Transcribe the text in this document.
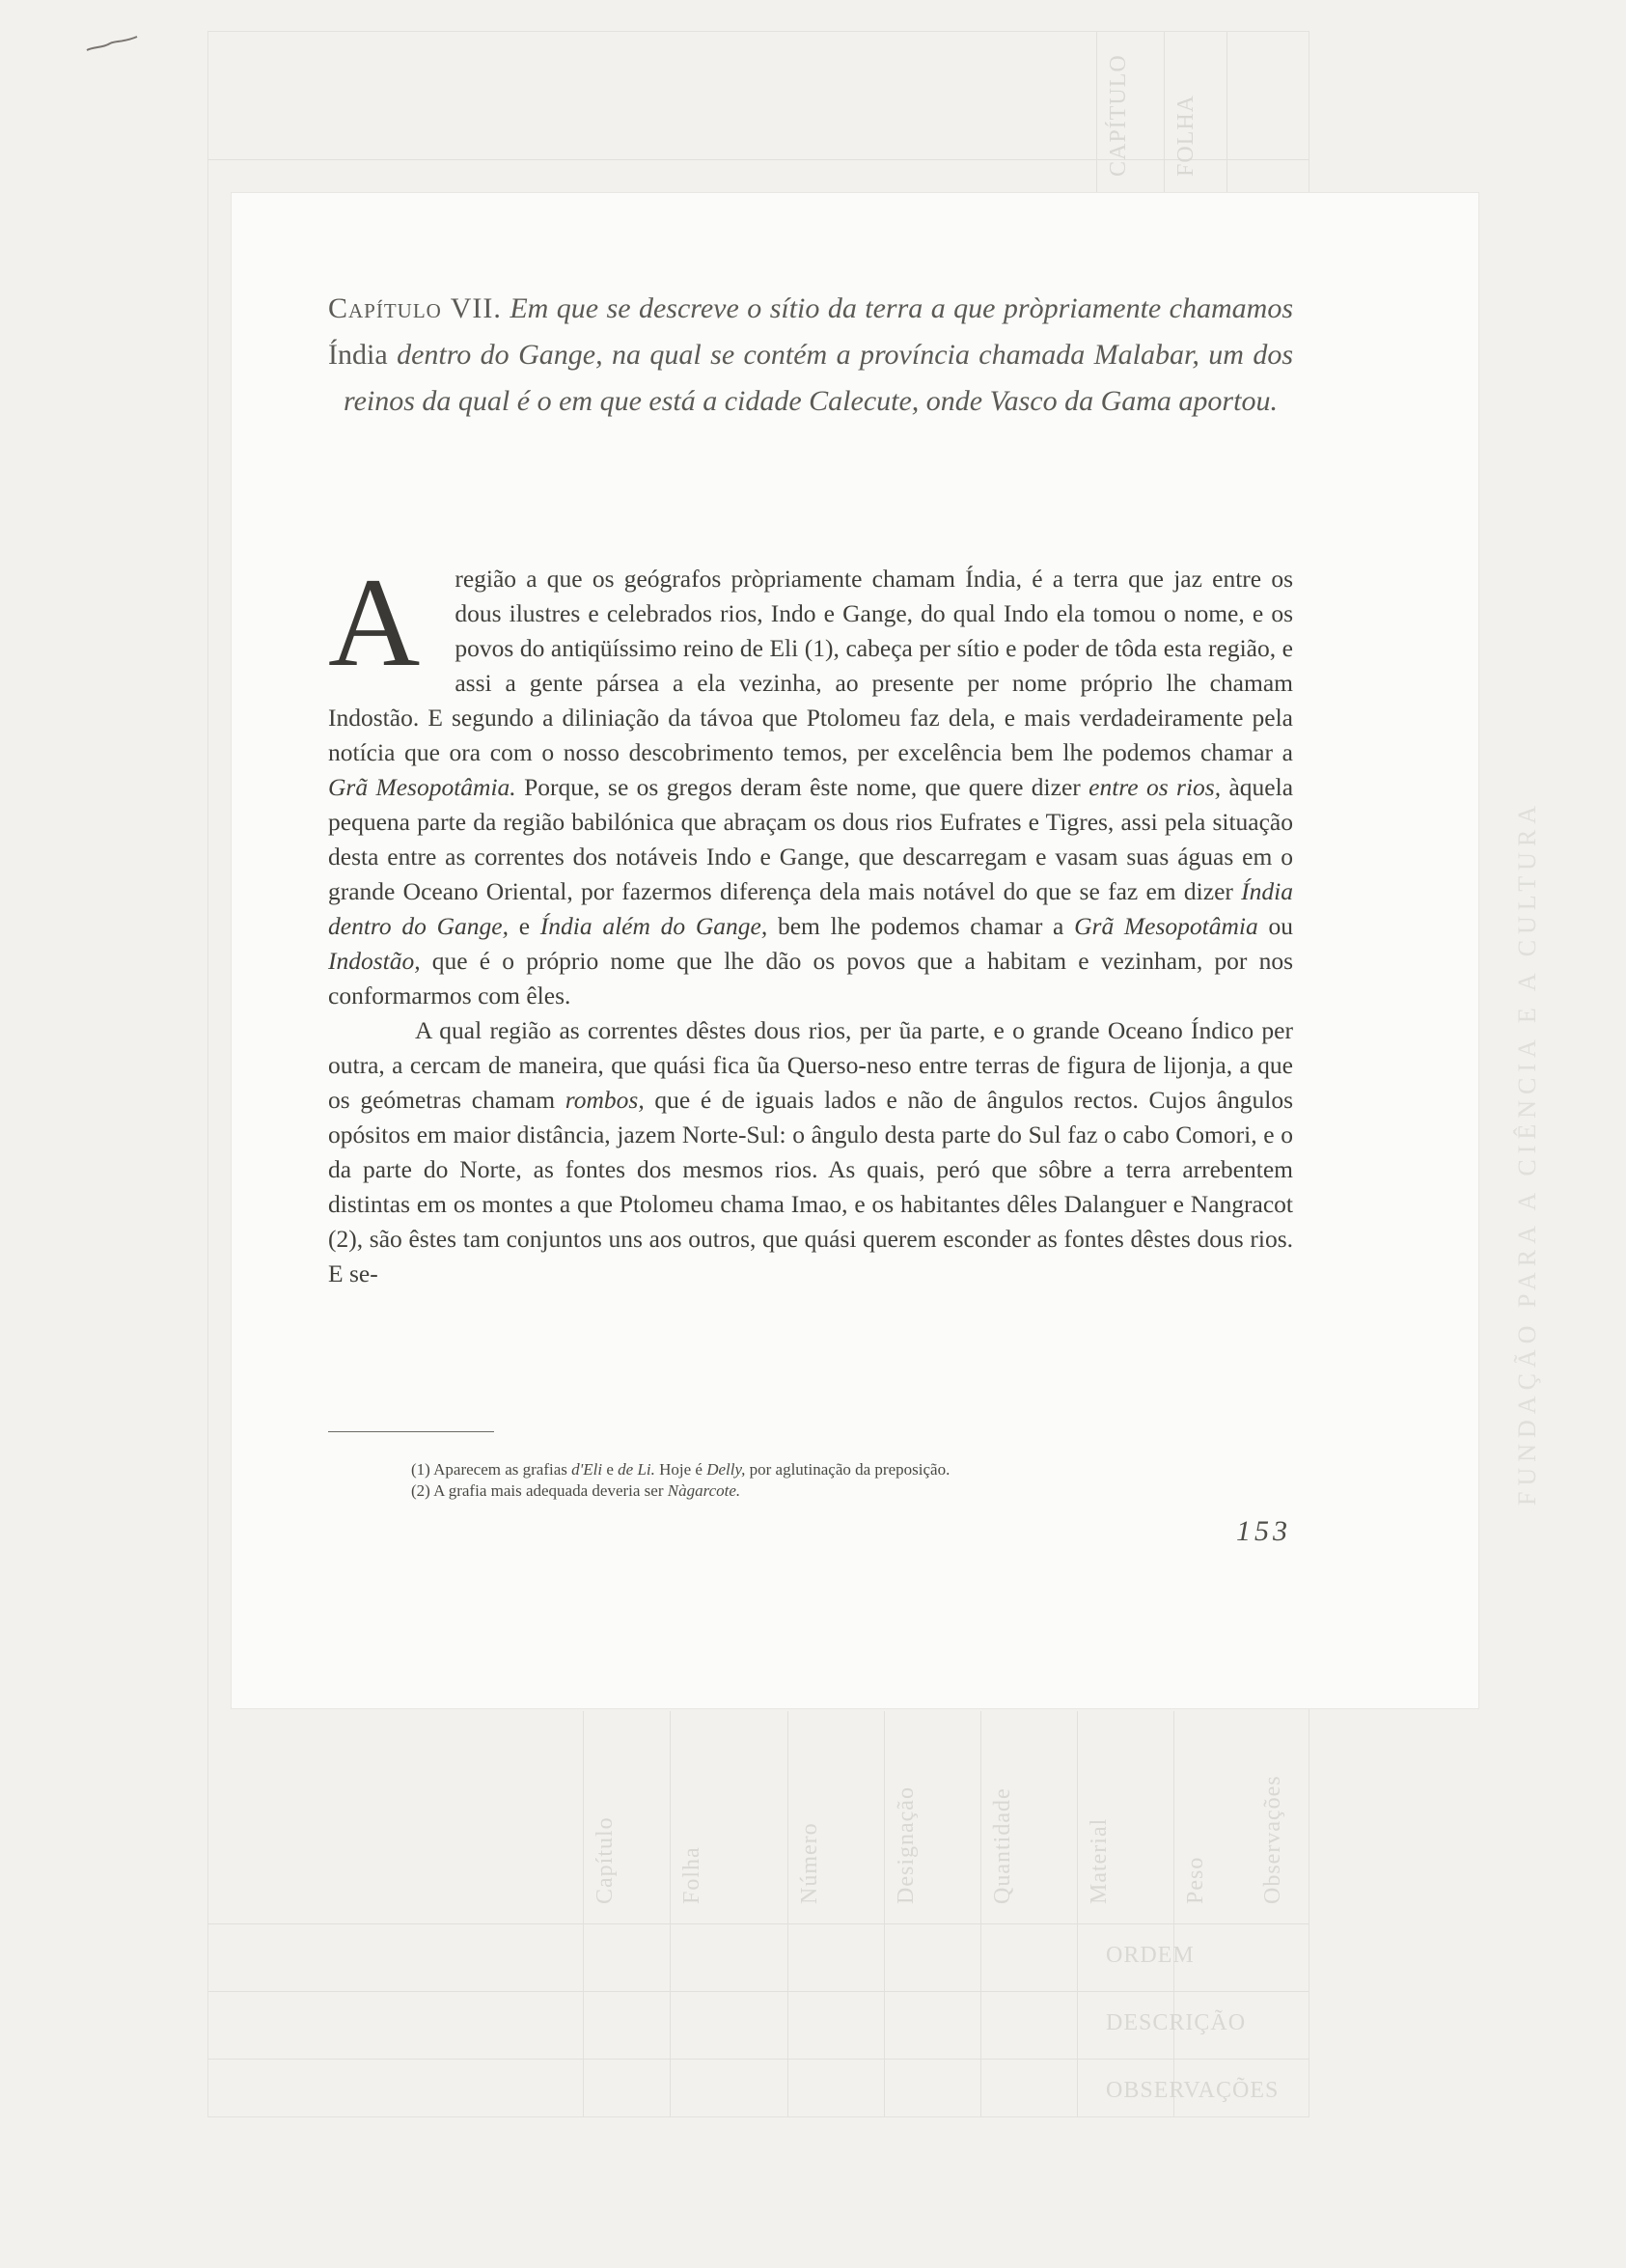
CAPÍTULO FOLHA
ORDEM
DESCRIÇÃO
OBSERVAÇÕES
Capítulo	Folha	Número	Designação	Quantidade	Material	Peso Observações
FUNDAÇÃO PARA A CIÊNCIA E A CULTURA
Capítulo VII. Em que se descreve o sítio da terra a que pròpriamente chamamos Índia dentro do Gange, na qual se contém a província chamada Malabar, um dos reinos da qual é o em que está a cidade Calecute, onde Vasco da Gama aportou.

A região a que os geógrafos pròpriamente chamam Índia, é a terra que jaz entre os dous ilustres e celebrados rios, Indo e Gange, do qual Indo ela tomou o nome, e os povos do antiqüíssimo reino de Eli (1), cabeça per sítio e poder de tôda esta região, e assi a gente pársea a ela vezinha, ao presente per nome próprio lhe chamam Indostão. E segundo a diliniação da távoa que Ptolomeu faz dela, e mais verdadeiramente pela notícia que ora com o nosso descobrimento temos, per excelência bem lhe podemos chamar a Grã Mesopotâmia. Porque, se os gregos deram êste nome, que quere dizer entre os rios, àquela pequena parte da região babilónica que abraçam os dous rios Eufrates e Tigres, assi pela situação desta entre as correntes dos notáveis Indo e Gange, que descarregam e vasam suas águas em o grande Oceano Oriental, por fazermos diferença dela mais notável do que se faz em dizer Índia dentro do Gange, e Índia além do Gange, bem lhe podemos chamar a Grã Mesopotâmia ou Indostão, que é o próprio nome que lhe dão os povos que a habitam e vezinham, por nos conformarmos com êles.

A qual região as correntes dêstes dous rios, per ũa parte, e o grande Oceano Índico per outra, a cercam de maneira, que quási fica ũa Querso-neso entre terras de figura de lijonja, a que os geómetras chamam rombos, que é de iguais lados e não de ângulos rectos. Cujos ângulos opósitos em maior distância, jazem Norte-Sul: o ângulo desta parte do Sul faz o cabo Comori, e o da parte do Norte, as fontes dos mesmos rios. As quais, peró que sôbre a terra arrebentem distintas em os montes a que Ptolomeu chama Imao, e os habitantes dêles Dalanguer e Nangracot (2), são êstes tam conjuntos uns aos outros, que quási querem esconder as fontes dêstes dous rios. E se-

(1) Aparecem as grafias d'Eli e de Li. Hoje é Delly, por aglutinação da preposição.
(2) A grafia mais adequada deveria ser Nàgarcote.
153
